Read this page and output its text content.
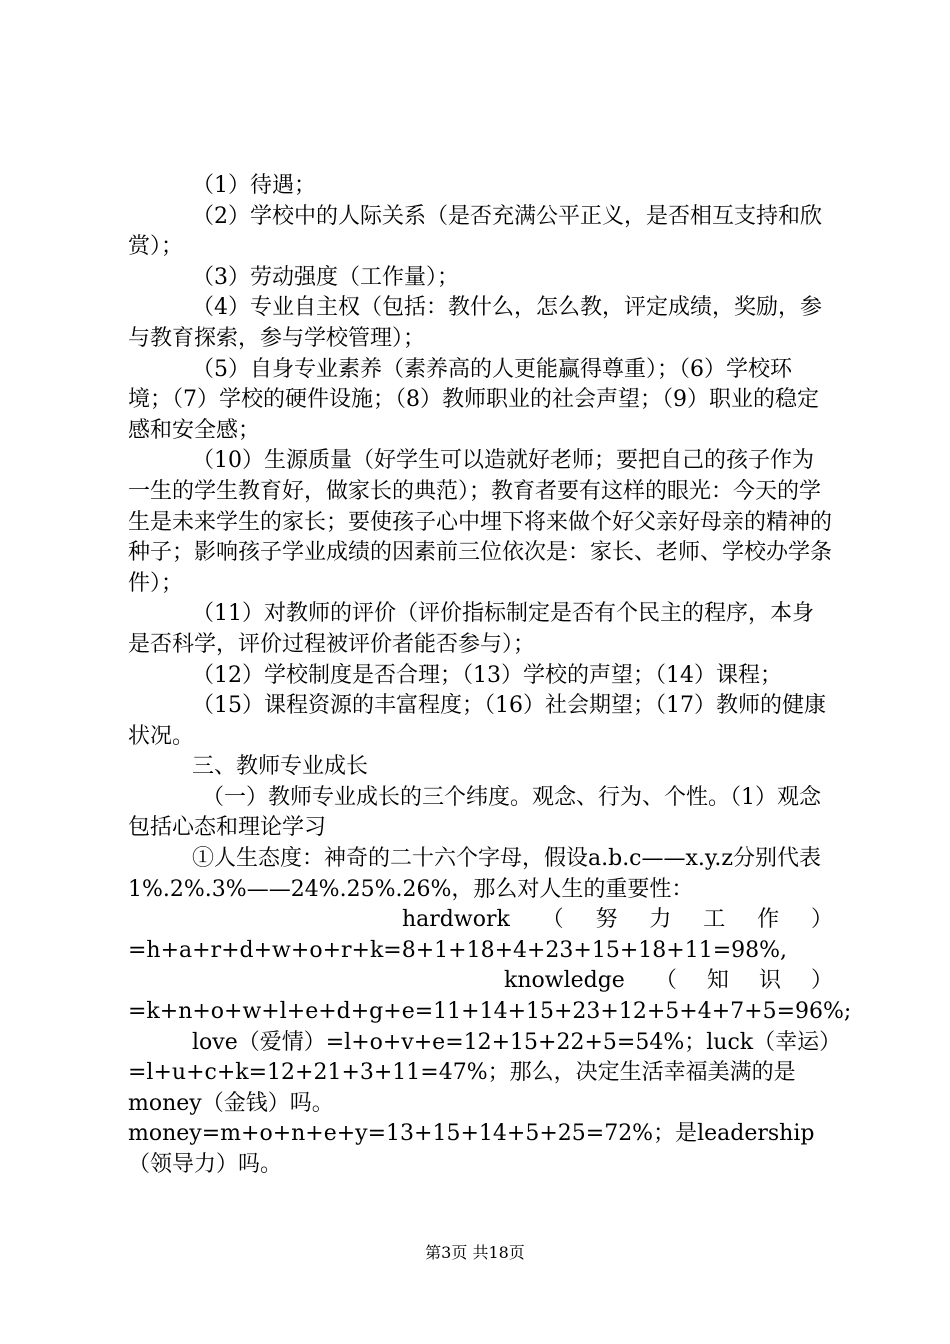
（1）待遇；

（2）学校中的人际关系（是否充满公平正义，是否相互支持和欣赏）；

（3）劳动强度（工作量）；

（4）专业自主权（包括：教什么，怎么教，评定成绩，奖励，参与教育探索，参与学校管理）；

（5）自身专业素养（素养高的人更能赢得尊重）；（6）学校环境；（7）学校的硬件设施；（8）教师职业的社会声望；（9）职业的稳定感和安全感；

（10）生源质量（好学生可以造就好老师；要把自己的孩子作为一生的学生教育好，做家长的典范）；教育者要有这样的眼光：今天的学生是未来学生的家长；要使孩子心中埋下将来做个好父亲好母亲的精神的种子；影响孩子学业成绩的因素前三位依次是：家长、老师、学校办学条件）；

（11）对教师的评价（评价指标制定是否有个民主的程序，本身是否科学，评价过程被评价者能否参与）；

（12）学校制度是否合理；（13）学校的声望；（14）课程；

（15）课程资源的丰富程度；（16）社会期望；（17）教师的健康状况。

三、教师专业成长

（一）教师专业成长的三个纬度。观念、行为、个性。（1）观念包括心态和理论学习

①人生态度：神奇的二十六个字母，假设a.b.c——x.y.z分别代表1%.2%.3%——24%.25%.26%，那么对人生的重要性：

hardwork（努力工作）=h+a+r+d+w+o+r+k=8+1+18+4+23+15+18+11=98%,

knowledge（知识）=k+n+o+w+l+e+d+g+e=11+14+15+23+12+5+4+7+5=96%;

love（爱情）=l+o+v+e=12+15+22+5=54%；luck（幸运）=l+u+c+k=12+21+3+11=47%；那么，决定生活幸福美满的是money（金钱）吗。money=m+o+n+e+y=13+15+14+5+25=72%；是leadership（领导力）吗。

第3页 共18页
